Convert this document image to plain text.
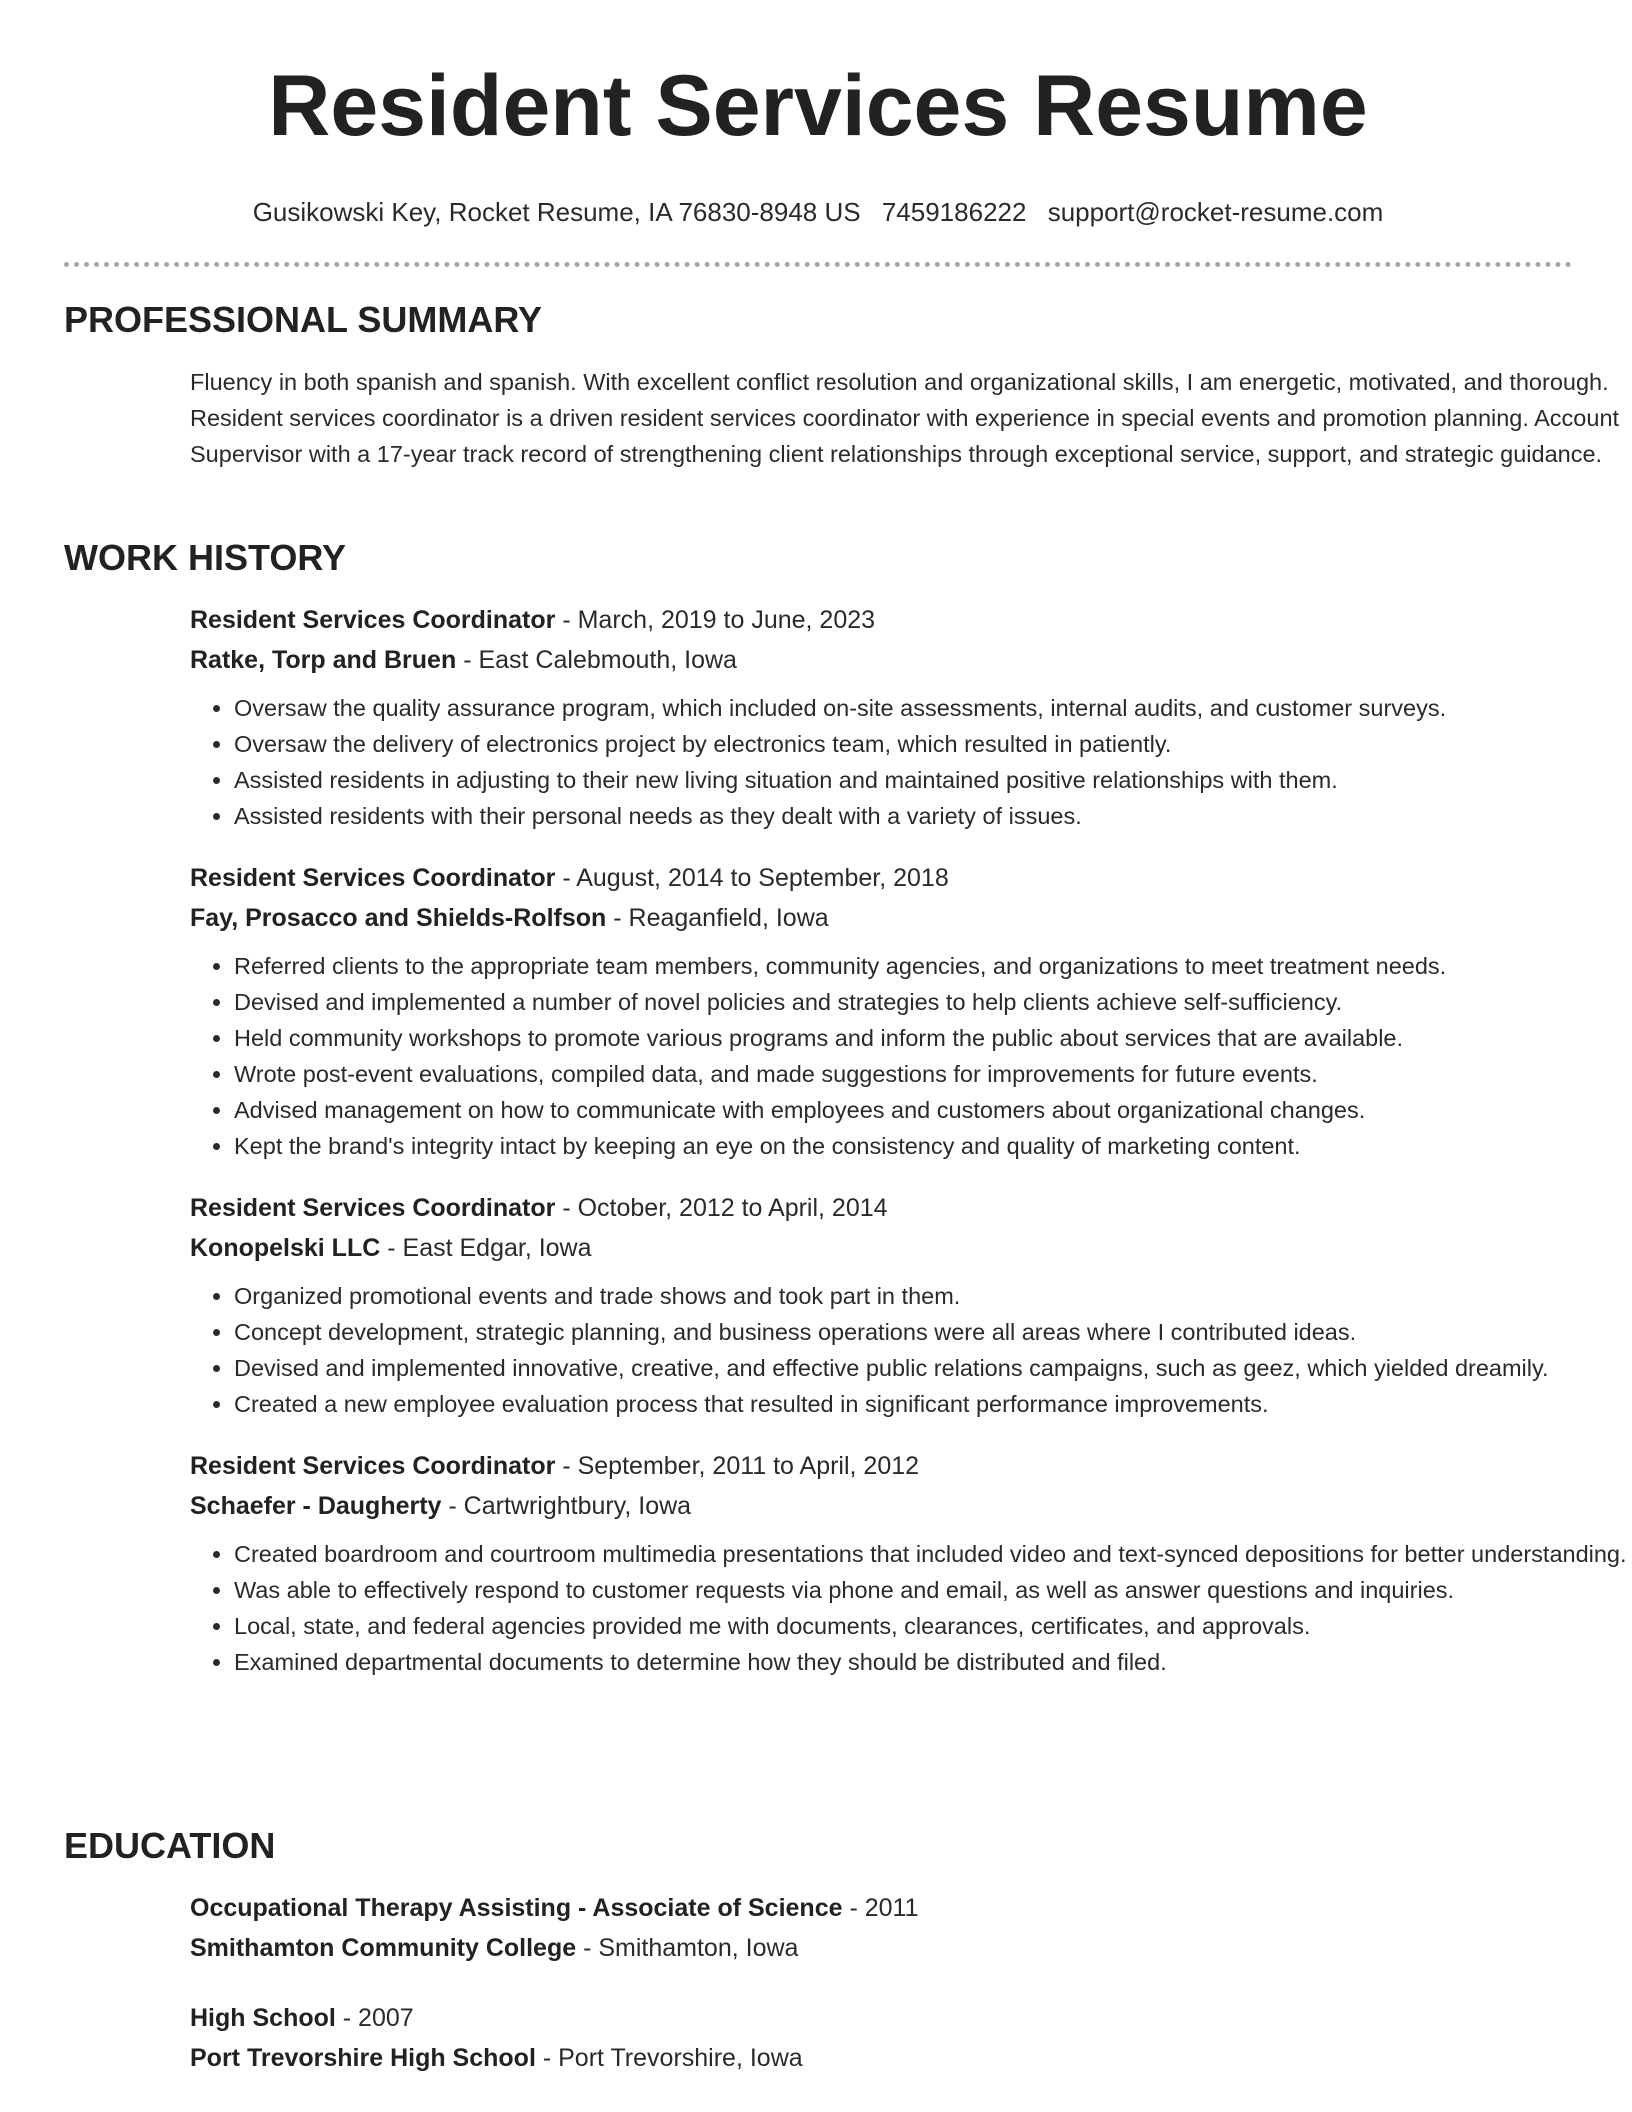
Resident Services Resume
Gusikowski Key, Rocket Resume, IA 76830-8948 US 7459186222 support@rocket-resume.com
PROFESSIONAL SUMMARY

Fluency in both spanish and spanish. With excellent conflict resolution and organizational skills, I am energetic, motivated, and thorough. Resident services coordinator is a driven resident services coordinator with experience in special events and promotion planning. Account Supervisor with a 17-year track record of strengthening client relationships through exceptional service, support, and strategic guidance.

WORK HISTORY
Resident Services Coordinator - March, 2019 to June, 2023
Ratke, Torp and Bruen - East Calebmouth, Iowa
• Oversaw the quality assurance program, which included on-site assessments, internal audits, and customer surveys.
• Oversaw the delivery of electronics project by electronics team, which resulted in patiently.
• Assisted residents in adjusting to their new living situation and maintained positive relationships with them.
• Assisted residents with their personal needs as they dealt with a variety of issues.
Resident Services Coordinator - August, 2014 to September, 2018
Fay, Prosacco and Shields-Rolfson - Reaganfield, Iowa
• Referred clients to the appropriate team members, community agencies, and organizations to meet treatment needs.
• Devised and implemented a number of novel policies and strategies to help clients achieve self-sufficiency.
• Held community workshops to promote various programs and inform the public about services that are available.
• Wrote post-event evaluations, compiled data, and made suggestions for improvements for future events.
• Advised management on how to communicate with employees and customers about organizational changes.
• Kept the brand's integrity intact by keeping an eye on the consistency and quality of marketing content.
Resident Services Coordinator - October, 2012 to April, 2014
Konopelski LLC - East Edgar, Iowa
• Organized promotional events and trade shows and took part in them.
• Concept development, strategic planning, and business operations were all areas where I contributed ideas.
• Devised and implemented innovative, creative, and effective public relations campaigns, such as geez, which yielded dreamily.
• Created a new employee evaluation process that resulted in significant performance improvements.
Resident Services Coordinator - September, 2011 to April, 2012
Schaefer - Daugherty - Cartwrightbury, Iowa
• Created boardroom and courtroom multimedia presentations that included video and text-synced depositions for better understanding.
• Was able to effectively respond to customer requests via phone and email, as well as answer questions and inquiries.
• Local, state, and federal agencies provided me with documents, clearances, certificates, and approvals.
• Examined departmental documents to determine how they should be distributed and filed.
EDUCATION
Occupational Therapy Assisting - Associate of Science - 2011
Smithamton Community College - Smithamton, Iowa
High School - 2007
Port Trevorshire High School - Port Trevorshire, Iowa
